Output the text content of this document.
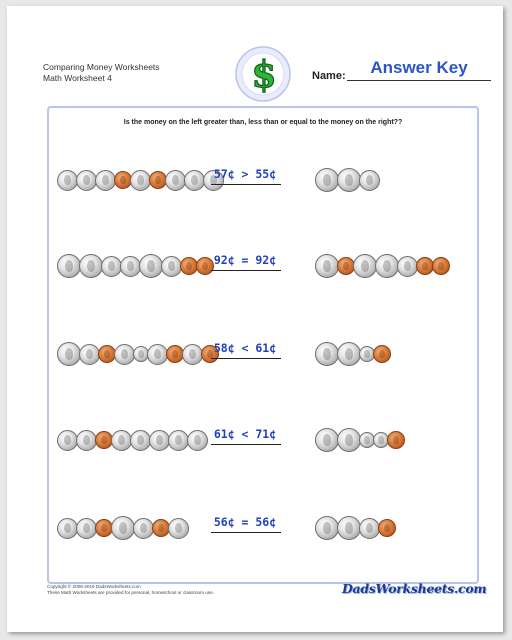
Comparing Money Worksheets
Math Worksheet 4	$	Name:	Answer Key
Is the money on the left greater than, less than or equal to the money on the right??
57¢ > 55¢
92¢ = 92¢
58¢ < 61¢
61¢ < 71¢
56¢ = 56¢
Copyright © 2008-2019 DadsWorksheets.com
These Math Worksheets are provided for personal, homeschool or classroom use.	DadsWorksheets.com
